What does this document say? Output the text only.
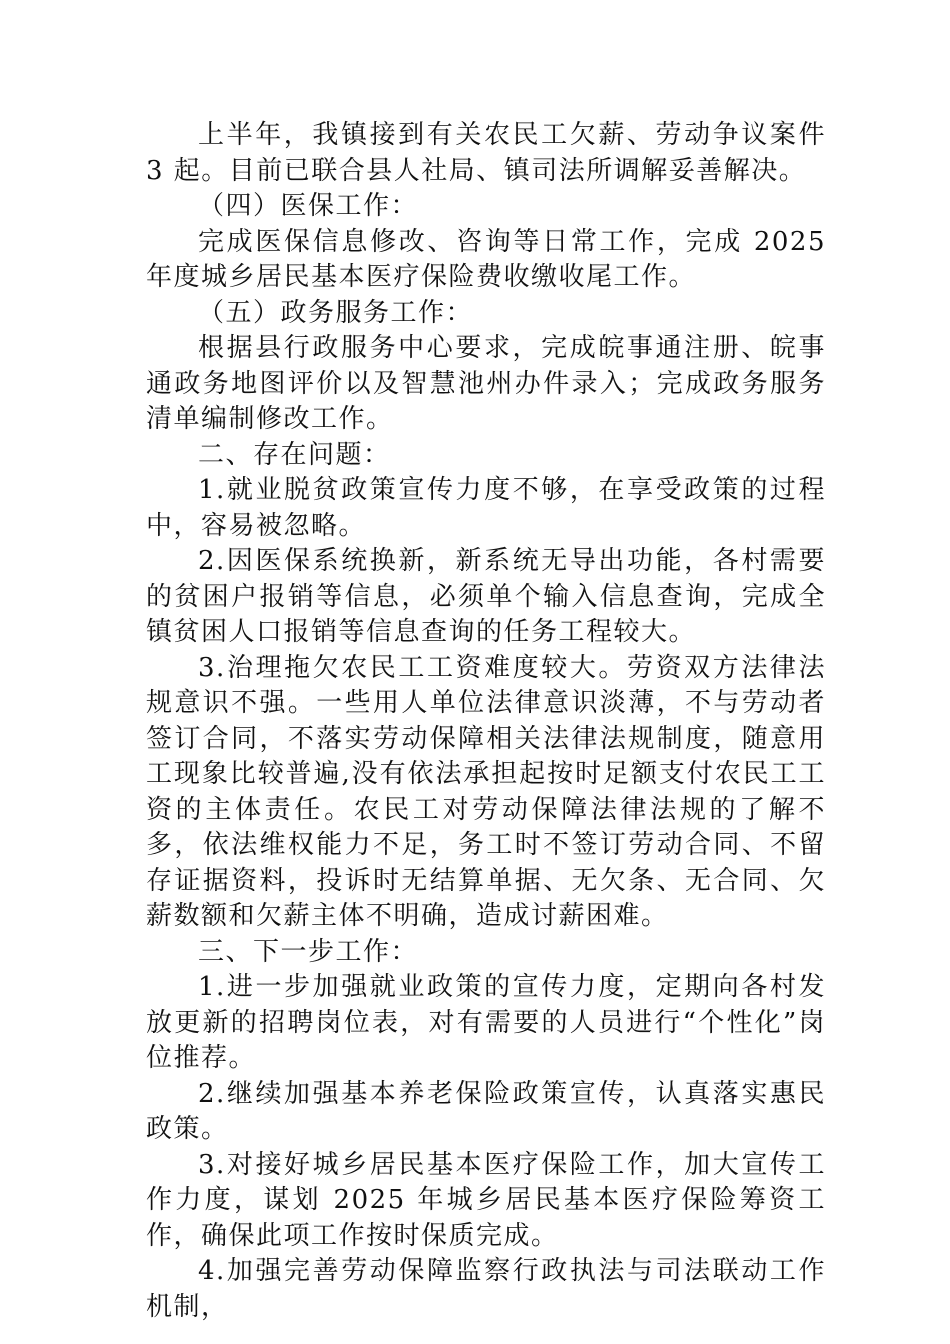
上半年，我镇接到有关农民工欠薪、劳动争议案件 3 起。目前已联合县人社局、镇司法所调解妥善解决。

（四）医保工作：

完成医保信息修改、咨询等日常工作，完成 2025 年度城乡居民基本医疗保险费收缴收尾工作。

（五）政务服务工作：

根据县行政服务中心要求，完成皖事通注册、皖事通政务地图评价以及智慧池州办件录入；完成政务服务清单编制修改工作。

二、存在问题：

1.就业脱贫政策宣传力度不够，在享受政策的过程中，容易被忽略。

2.因医保系统换新，新系统无导出功能，各村需要的贫困户报销等信息，必须单个输入信息查询，完成全镇贫困人口报销等信息查询的任务工程较大。

3.治理拖欠农民工工资难度较大。劳资双方法律法规意识不强。一些用人单位法律意识淡薄，不与劳动者签订合同，不落实劳动保障相关法律法规制度，随意用工现象比较普遍,没有依法承担起按时足额支付农民工工资的主体责任。农民工对劳动保障法律法规的了解不多，依法维权能力不足，务工时不签订劳动合同、不留存证据资料，投诉时无结算单据、无欠条、无合同、欠薪数额和欠薪主体不明确，造成讨薪困难。

三、下一步工作：

1.进一步加强就业政策的宣传力度，定期向各村发放更新的招聘岗位表，对有需要的人员进行“个性化”岗位推荐。

2.继续加强基本养老保险政策宣传，认真落实惠民政策。

3.对接好城乡居民基本医疗保险工作，加大宣传工作力度，谋划 2025 年城乡居民基本医疗保险筹资工作，确保此项工作按时保质完成。

4.加强完善劳动保障监察行政执法与司法联动工作机制，
